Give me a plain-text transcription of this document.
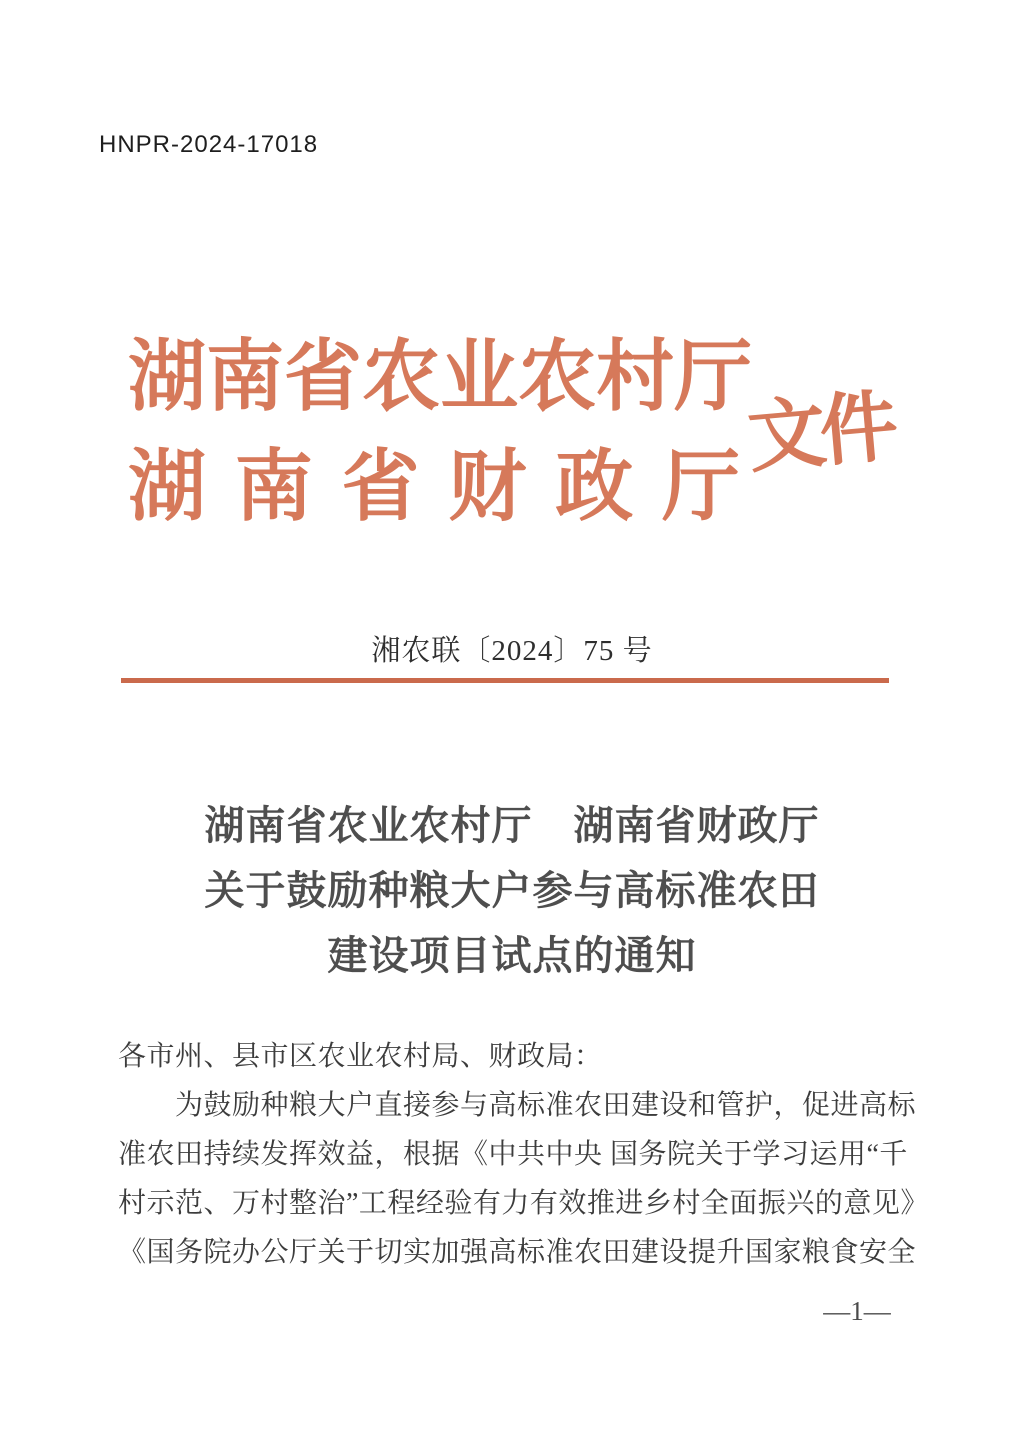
HNPR-2024-17018
湖 南 省 农 业 农 村 厅
湖 南 省 财 政 厅
文件
湘农联〔2024〕75 号
湖南省农业农村厅　湖南省财政厅
关于鼓励种粮大户参与高标准农田
建设项目试点的通知

各市州、县市区农业农村局、财政局：

为鼓励种粮大户直接参与高标准农田建设和管护，促进高标

准农田持续发挥效益，根据《中共中央 国务院关于学习运用“千

村示范、万村整治”工程经验有力有效推进乡村全面振兴的意见》

《国务院办公厅关于切实加强高标准农田建设提升国家粮食安全

—1—
